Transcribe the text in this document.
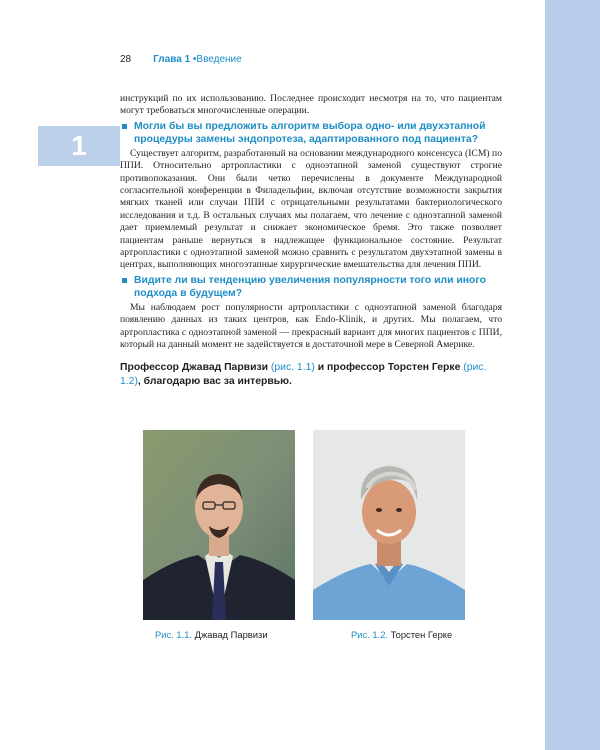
28 Глава 1 •Введение
1

инструкций по их использованию. Последнее происходит несмотря на то, что пациентам могут требоваться многочисленные операции.

Могли бы вы предложить алгоритм выбора одно- или двухэтапной процедуры замены эндопротеза, адаптированного под пациента?

Существует алгоритм, разработанный на основании международного консенсуса (ICM) по ППИ. Относительно артропластики с одноэтапной заменой существуют строгие противопоказания. Они были четко перечислены в документе Международной согласительной конференции в Филадельфии, включая отсутствие возможности закрытия мягких тканей или случаи ППИ с отрицательными результатами бактериологического исследования и т.д. В остальных случаях мы полагаем, что лечение с одноэтапной заменой дает приемлемый результат и снижает экономическое бремя. Это также позволяет пациентам раньше вернуться в надлежащее функциональное состояние. Результат артропластики с одноэтапной заменой можно сравнить с результатом двухэтапной замены в центрах, выполняющих многоэтапные хирургические вмешательства для лечения ППИ.

Видите ли вы тенденцию увеличения популярности того или иного подхода в будущем?

Мы наблюдаем рост популярности артропластики с одноэтапной заменой благодаря появлению данных из таких центров, как Endo-Klinik, и других. Мы полагаем, что артропластика с одноэтапной заменой — прекрасный вариант для многих пациентов с ППИ, который на данный момент не задействуется в достаточной мере в Северной Америке.

Профессор Джавад Парвизи (рис. 1.1) и профессор Торстен Герке (рис. 1.2), благодарю вас за интервью.
Рис. 1.1. Джавад Парвизи	Рис. 1.2. Торстен Герке
